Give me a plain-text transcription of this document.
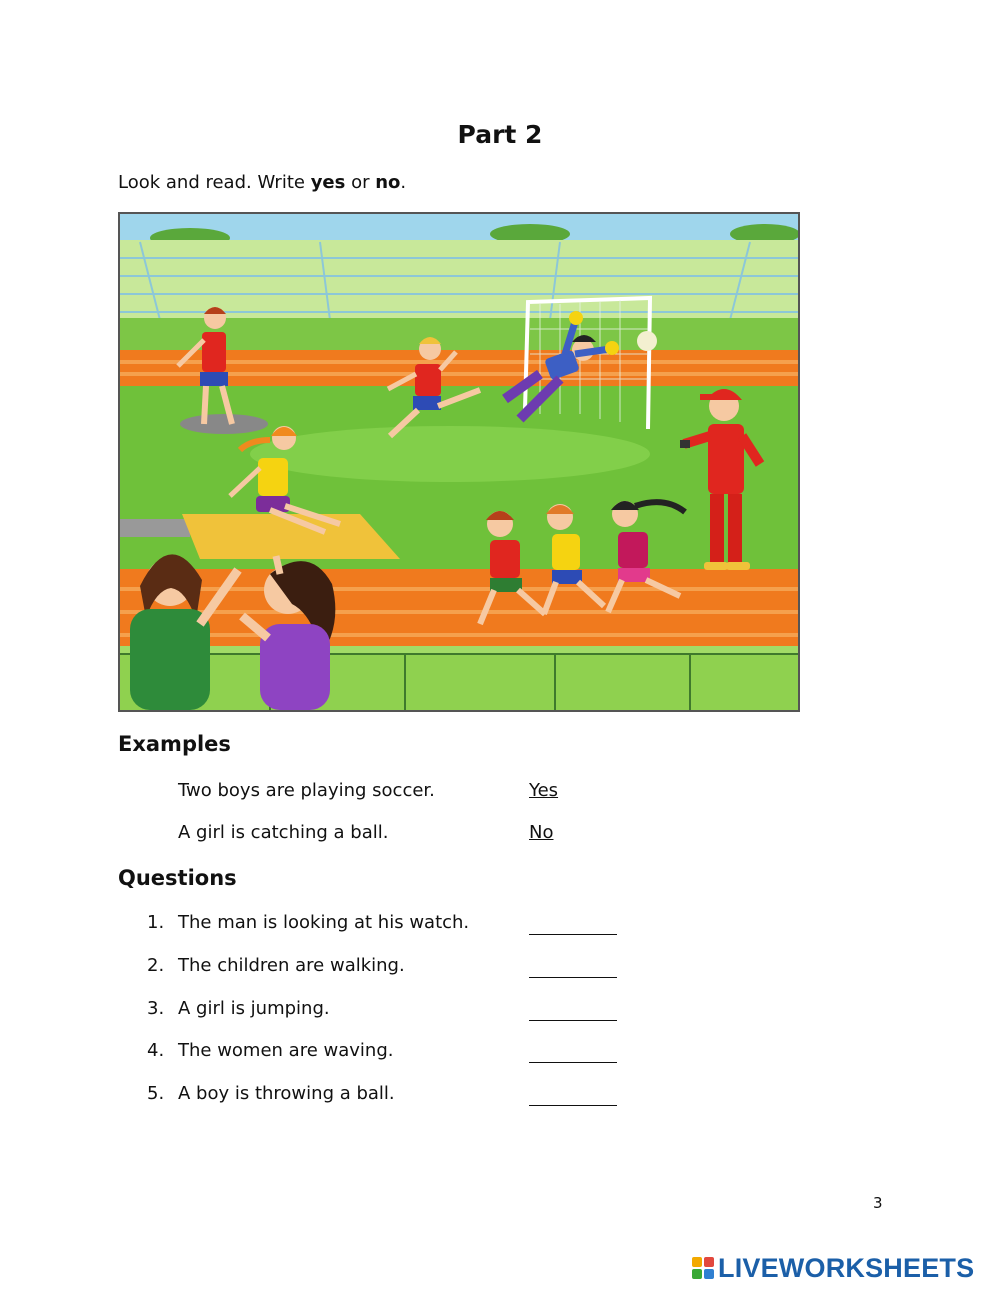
Part 2
Look and read. Write yes or no.
Examples
Two boys are playing soccer.	Yes
A girl is catching a ball.	No
Questions
1. The man is looking at his watch.
2. The children are walking.
3. A girl is jumping.
4. The women are waving.
5. A boy is throwing a ball.
3
LIVEWORKSHEETS
